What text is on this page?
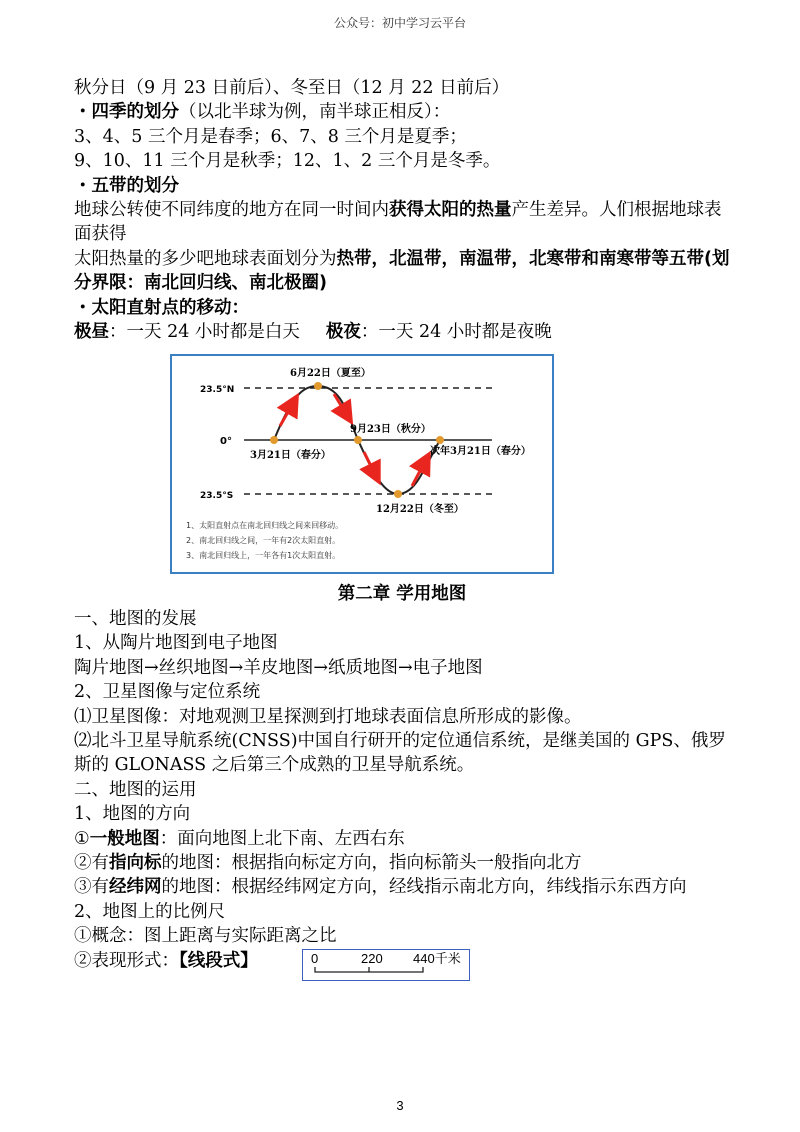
公众号：初中学习云平台
秋分日（9 月 23 日前后）、冬至日（12 月 22 日前后）
・四季的划分（以北半球为例，南半球正相反）：
3、4、5 三个月是春季；6、7、8 三个月是夏季；
9、10、11 三个月是秋季；12、1、2 三个月是冬季。
・五带的划分
地球公转使不同纬度的地方在同一时间内获得太阳的热量产生差异。人们根据地球表面获得
太阳热量的多少吧地球表面划分为热带，北温带，南温带，北寒带和南寒带等五带(划分界限：南北回归线、南北极圈)
・太阳直射点的移动：
极昼：一天 24 小时都是白天 极夜：一天 24 小时都是夜晚
23.5°N
0°
23.5°S
6月22日（夏至）
9月23日（秋分）
3月21日（春分）	次年3月21日（春分）
12月22日（冬至）
1、太阳直射点在南北回归线之间来回移动。
2、南北回归线之间，一年有2次太阳直射。
3、南北回归线上，一年各有1次太阳直射。
第二章 学用地图
一、地图的发展
1、从陶片地图到电子地图
陶片地图→丝织地图→羊皮地图→纸质地图→电子地图
2、卫星图像与定位系统
⑴卫星图像：对地观测卫星探测到打地球表面信息所形成的影像。
⑵北斗卫星导航系统(CNSS)中国自行研开的定位通信系统，是继美国的 GPS、俄罗斯的 GLONASS 之后第三个成熟的卫星导航系统。
二、地图的运用
1、地图的方向
①一般地图：面向地图上北下南、左西右东
②有指向标的地图：根据指向标定方向，指向标箭头一般指向北方
③有经纬网的地图：根据经纬网定方向，经线指示南北方向，纬线指示东西方向
2、地图上的比例尺
①概念：图上距离与实际距离之比
②表现形式：【线段式】	0	220 440千米
3
